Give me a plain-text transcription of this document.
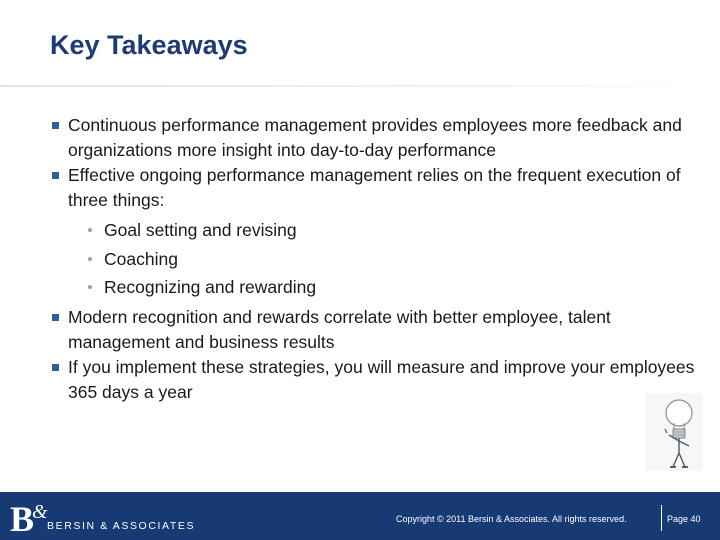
Key Takeaways
Continuous performance management provides employees more feedback and organizations more insight into day-to-day performance
Effective ongoing performance management relies on the frequent execution of three things:
Goal setting and revising
Coaching
Recognizing and rewarding
Modern recognition and rewards correlate with better employee, talent management and business results
If you implement these strategies, you will measure and improve your employees 365 days a year
B
&
BERSIN & ASSOCIATES
Copyright © 2011 Bersin & Associates. All rights reserved.	Page 40
